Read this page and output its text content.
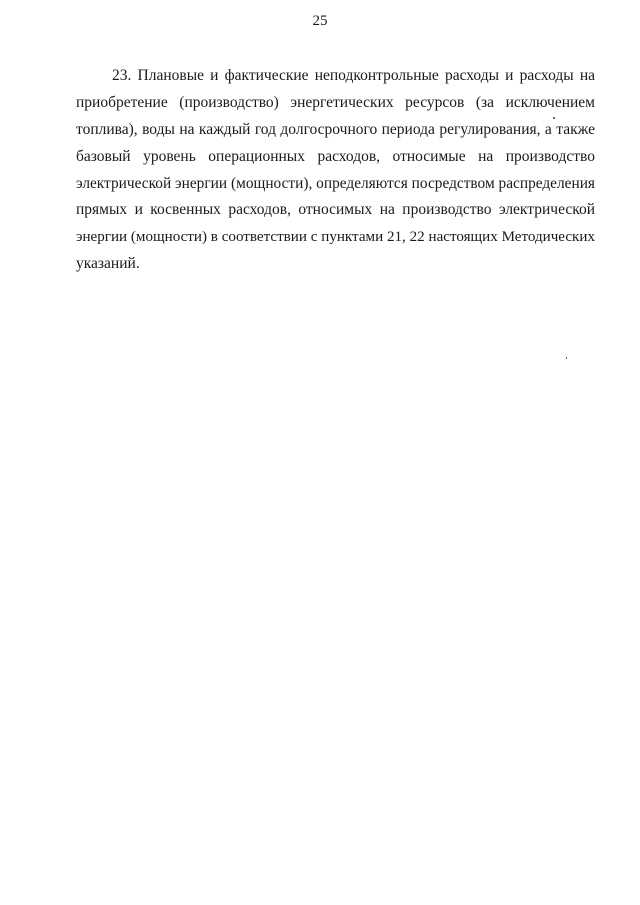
25

23. Плановые и фактические неподконтрольные расходы и расходы на
приобретение (производство) энергетических ресурсов (за исключением
топлива), воды на каждый год долгосрочного периода регулирования, а также
базовый уровень операционных расходов, относимые на производство
электрической энергии (мощности), определяются посредством распределения
прямых и косвенных расходов, относимых на производство электрической
энергии (мощности) в соответствии с пунктами 21, 22 настоящих Методических
указаний.
